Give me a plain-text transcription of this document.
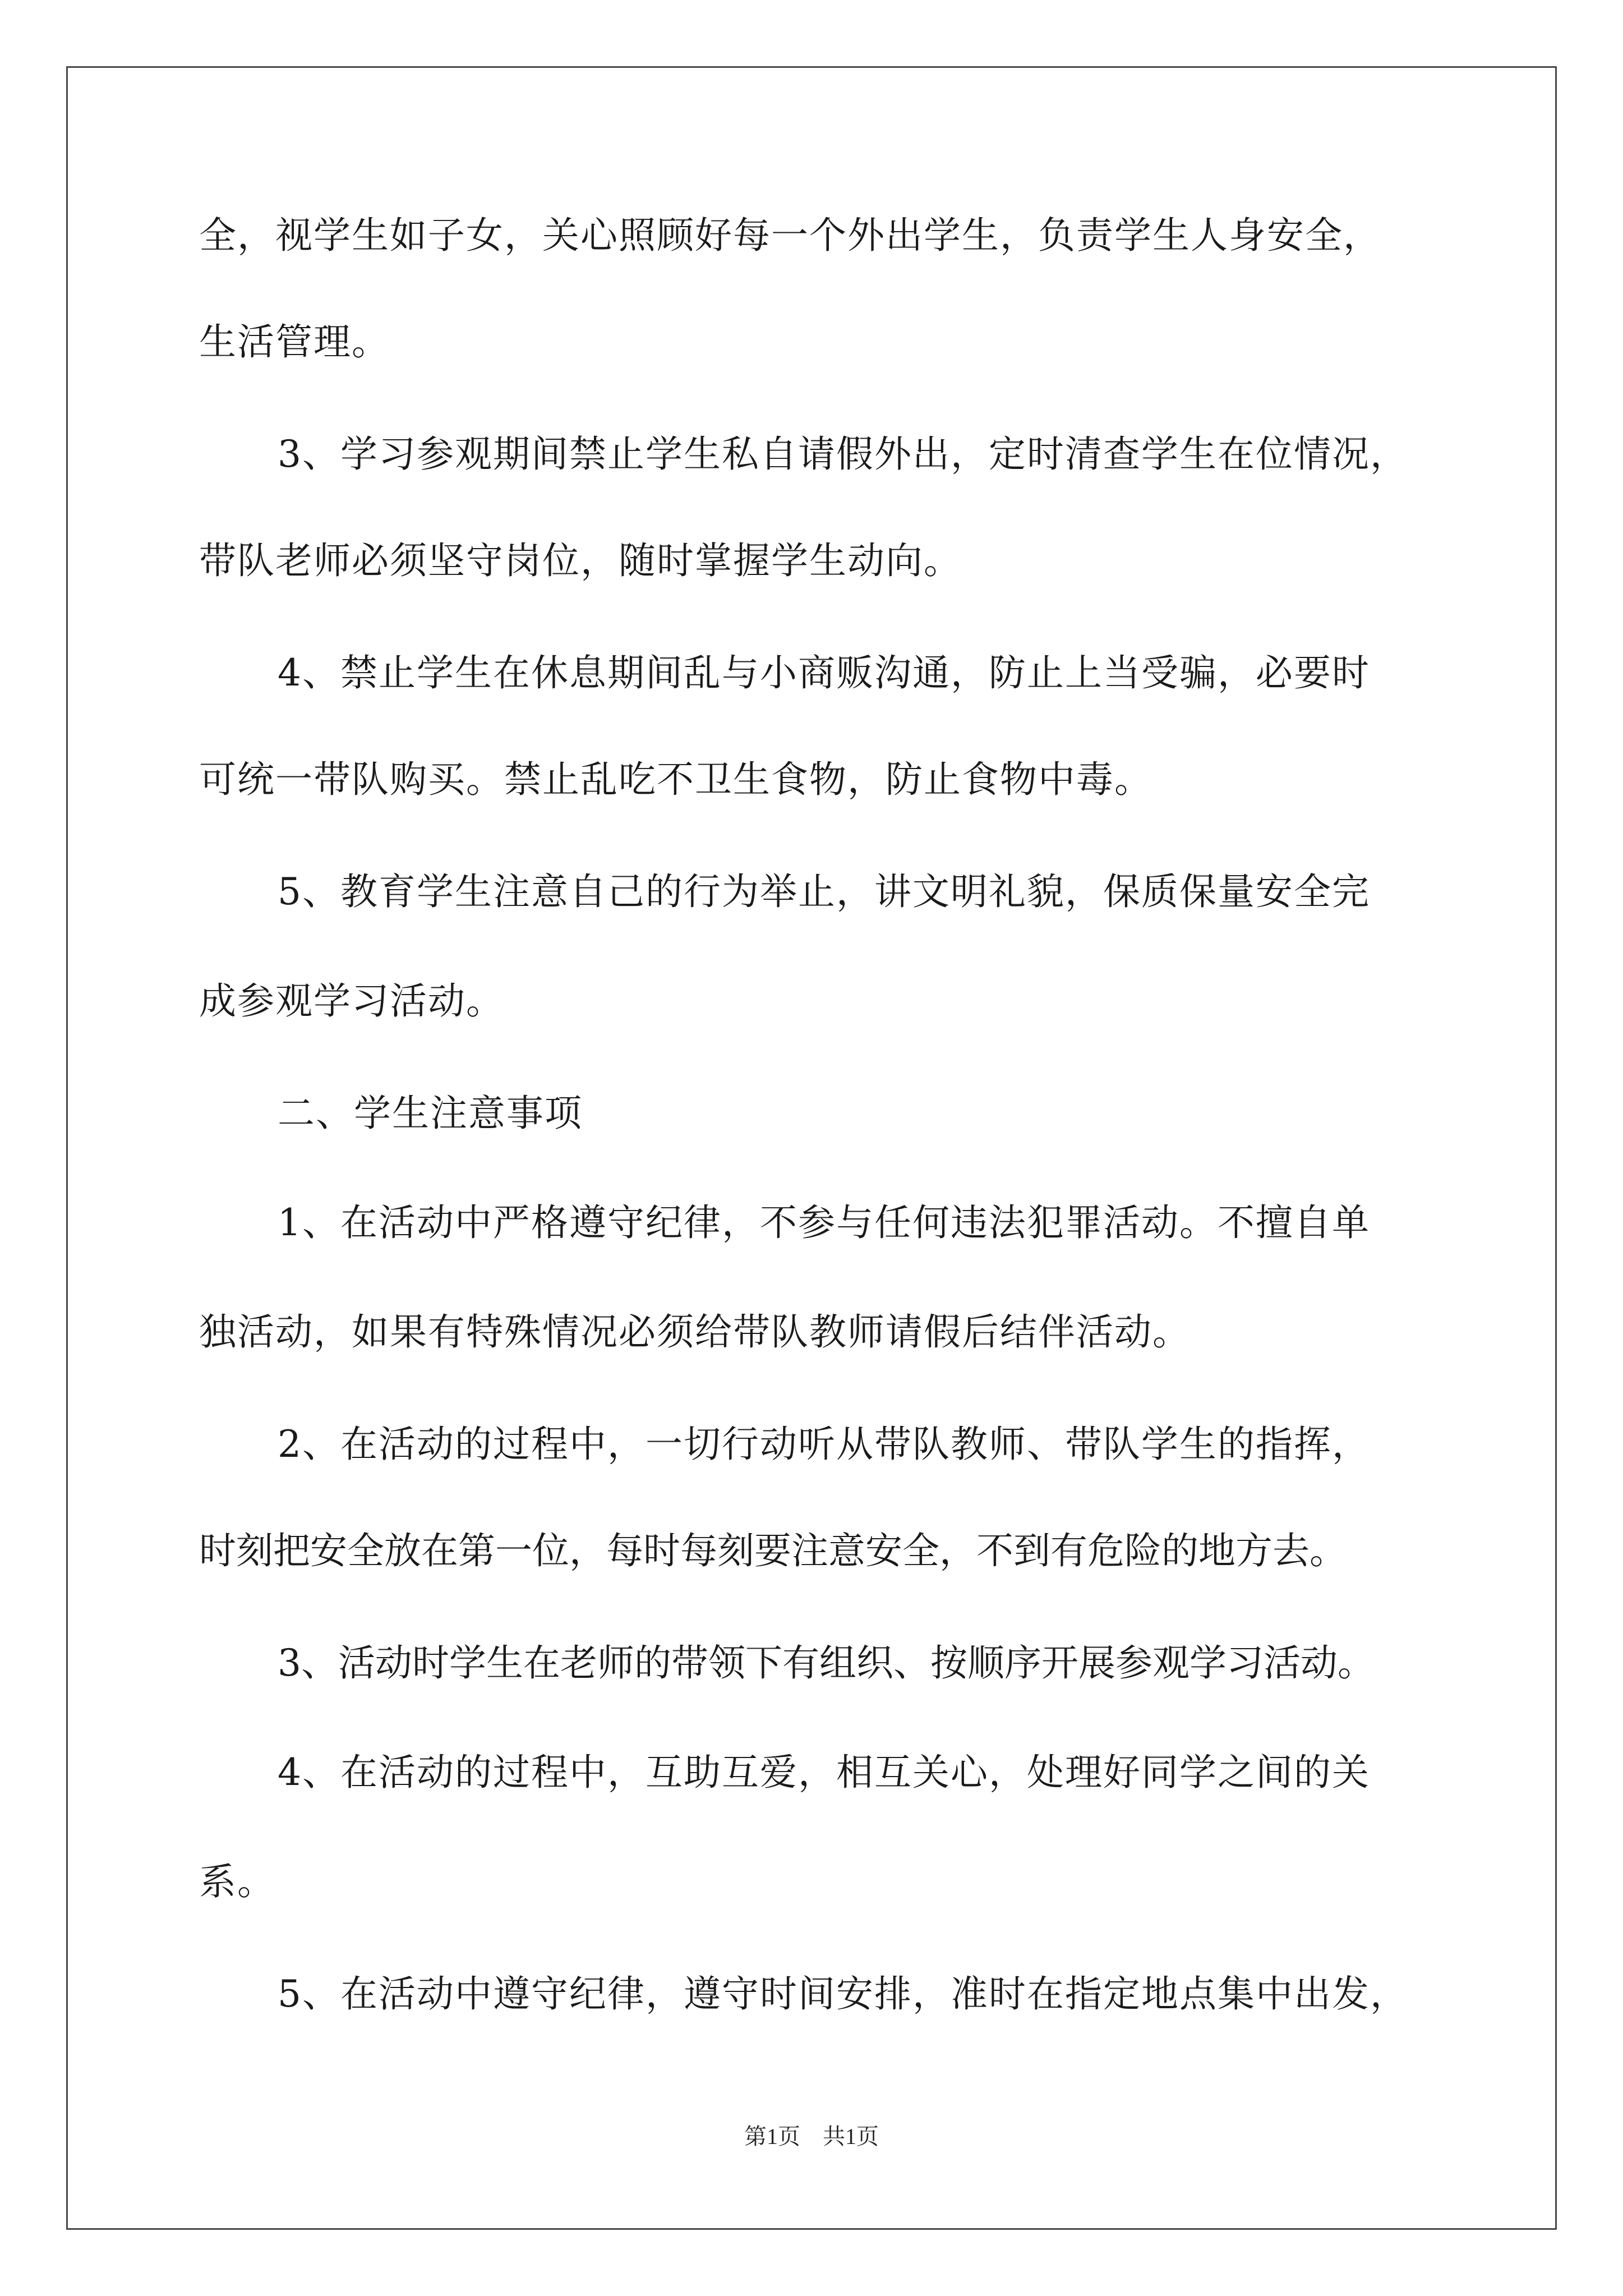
全，视学生如子女，关心照顾好每一个外出学生，负责学生人身安全，
生活管理。
3、学习参观期间禁止学生私自请假外出，定时清查学生在位情况，
带队老师必须坚守岗位，随时掌握学生动向。
4、禁止学生在休息期间乱与小商贩沟通，防止上当受骗，必要时
可统一带队购买。禁止乱吃不卫生食物，防止食物中毒。
5、教育学生注意自己的行为举止，讲文明礼貌，保质保量安全完
成参观学习活动。
二、学生注意事项
1、在活动中严格遵守纪律，不参与任何违法犯罪活动。不擅自单
独活动，如果有特殊情况必须给带队教师请假后结伴活动。
2、在活动的过程中，一切行动听从带队教师、带队学生的指挥，
时刻把安全放在第一位，每时每刻要注意安全，不到有危险的地方去。
3、活动时学生在老师的带领下有组织、按顺序开展参观学习活动。
4、在活动的过程中，互助互爱，相互关心，处理好同学之间的关
系。
5、在活动中遵守纪律，遵守时间安排，准时在指定地点集中出发，
第1页　共1页
